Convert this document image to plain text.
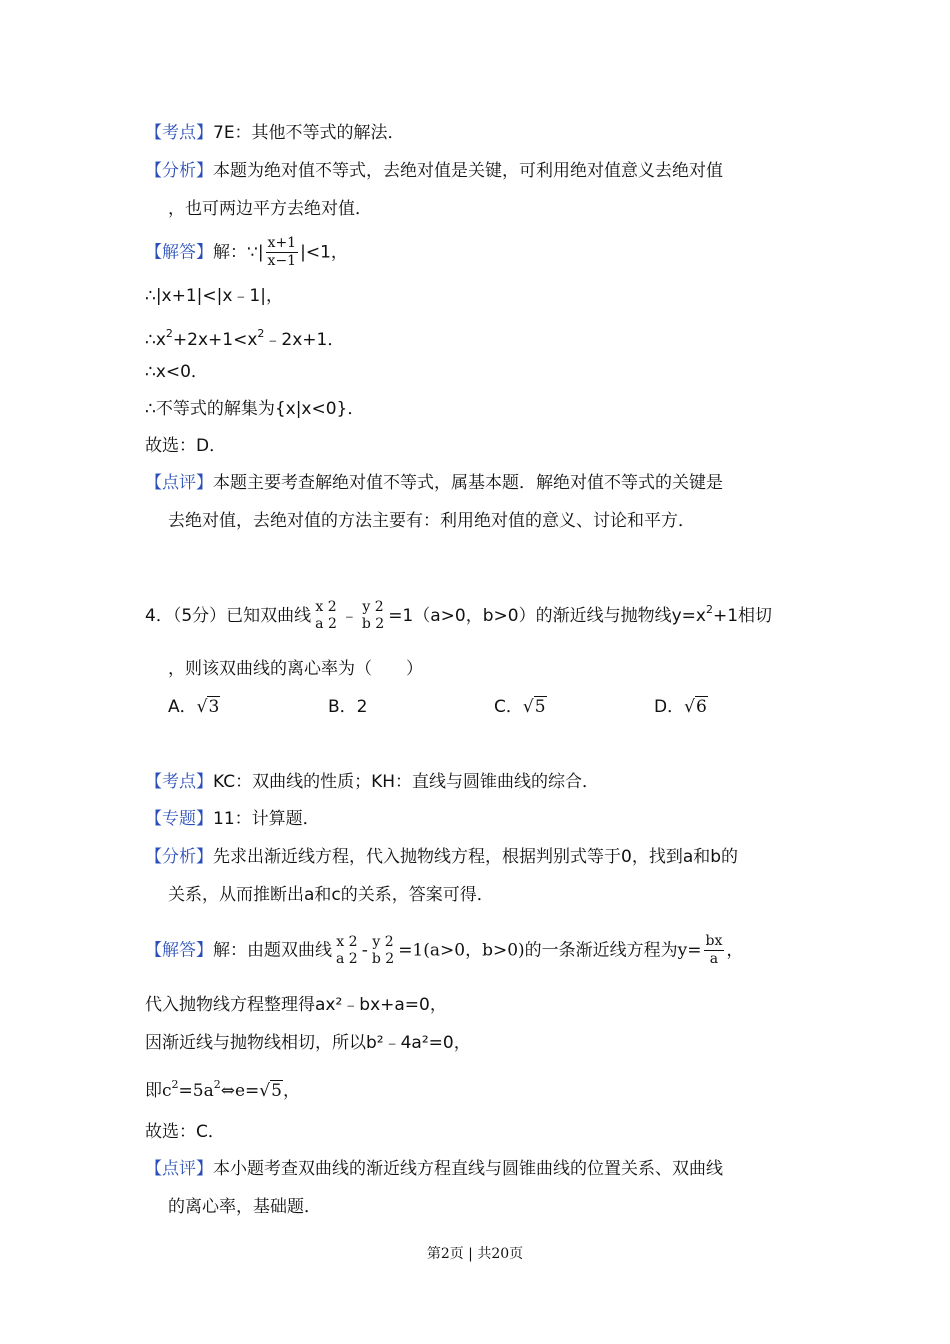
【考点】7E：其他不等式的解法．
【分析】本题为绝对值不等式，去绝对值是关键，可利用绝对值意义去绝对值
，也可两边平方去绝对值．
【解答】解：∵| $\frac{x+1}{x-1} |<1$，
∴|x+1|<|x﹣1|，
$\therefore x^2+2x+1<x^2﹣2x+1$．
∴x<0．
∴不等式的解集为{x|x<0}．
故选：D．
【点评】本题主要考查解绝对值不等式，属基本题．解绝对值不等式的关键是
去绝对值，去绝对值的方法主要有：利用绝对值的意义、讨论和平方．
4．（5分）已知双曲线 x 2
a 2 ﹣ y 2
b 2 =1（a>0，b>0）的渐近线与抛物线$y=x^2+1$相切
，则该双曲线的离心率为（　　）
A．√3	B．2	C．√5	D．√6
【考点】KC：双曲线的性质；KH：直线与圆锥曲线的综合．
【专题】11：计算题．
【分析】先求出渐近线方程，代入抛物线方程，根据判别式等于0，找到a和b的
关系，从而推断出a和c的关系，答案可得．
【解答】解：由题双曲线 x 2
a 2 - y 2
b 2 =1(a>0，b>0)的一条渐近线方程为$y= \frac{bx}{a}$ ，
代入抛物线方程整理得ax²﹣bx+a=0，
因渐近线与抛物线相切，所以b²﹣4a²=0，
即$c^2=5a^2\Leftrightarrow e=√5$，
故选：C．
【点评】本小题考查双曲线的渐近线方程直线与圆锥曲线的位置关系、双曲线
的离心率，基础题．
第2页 | 共20页
